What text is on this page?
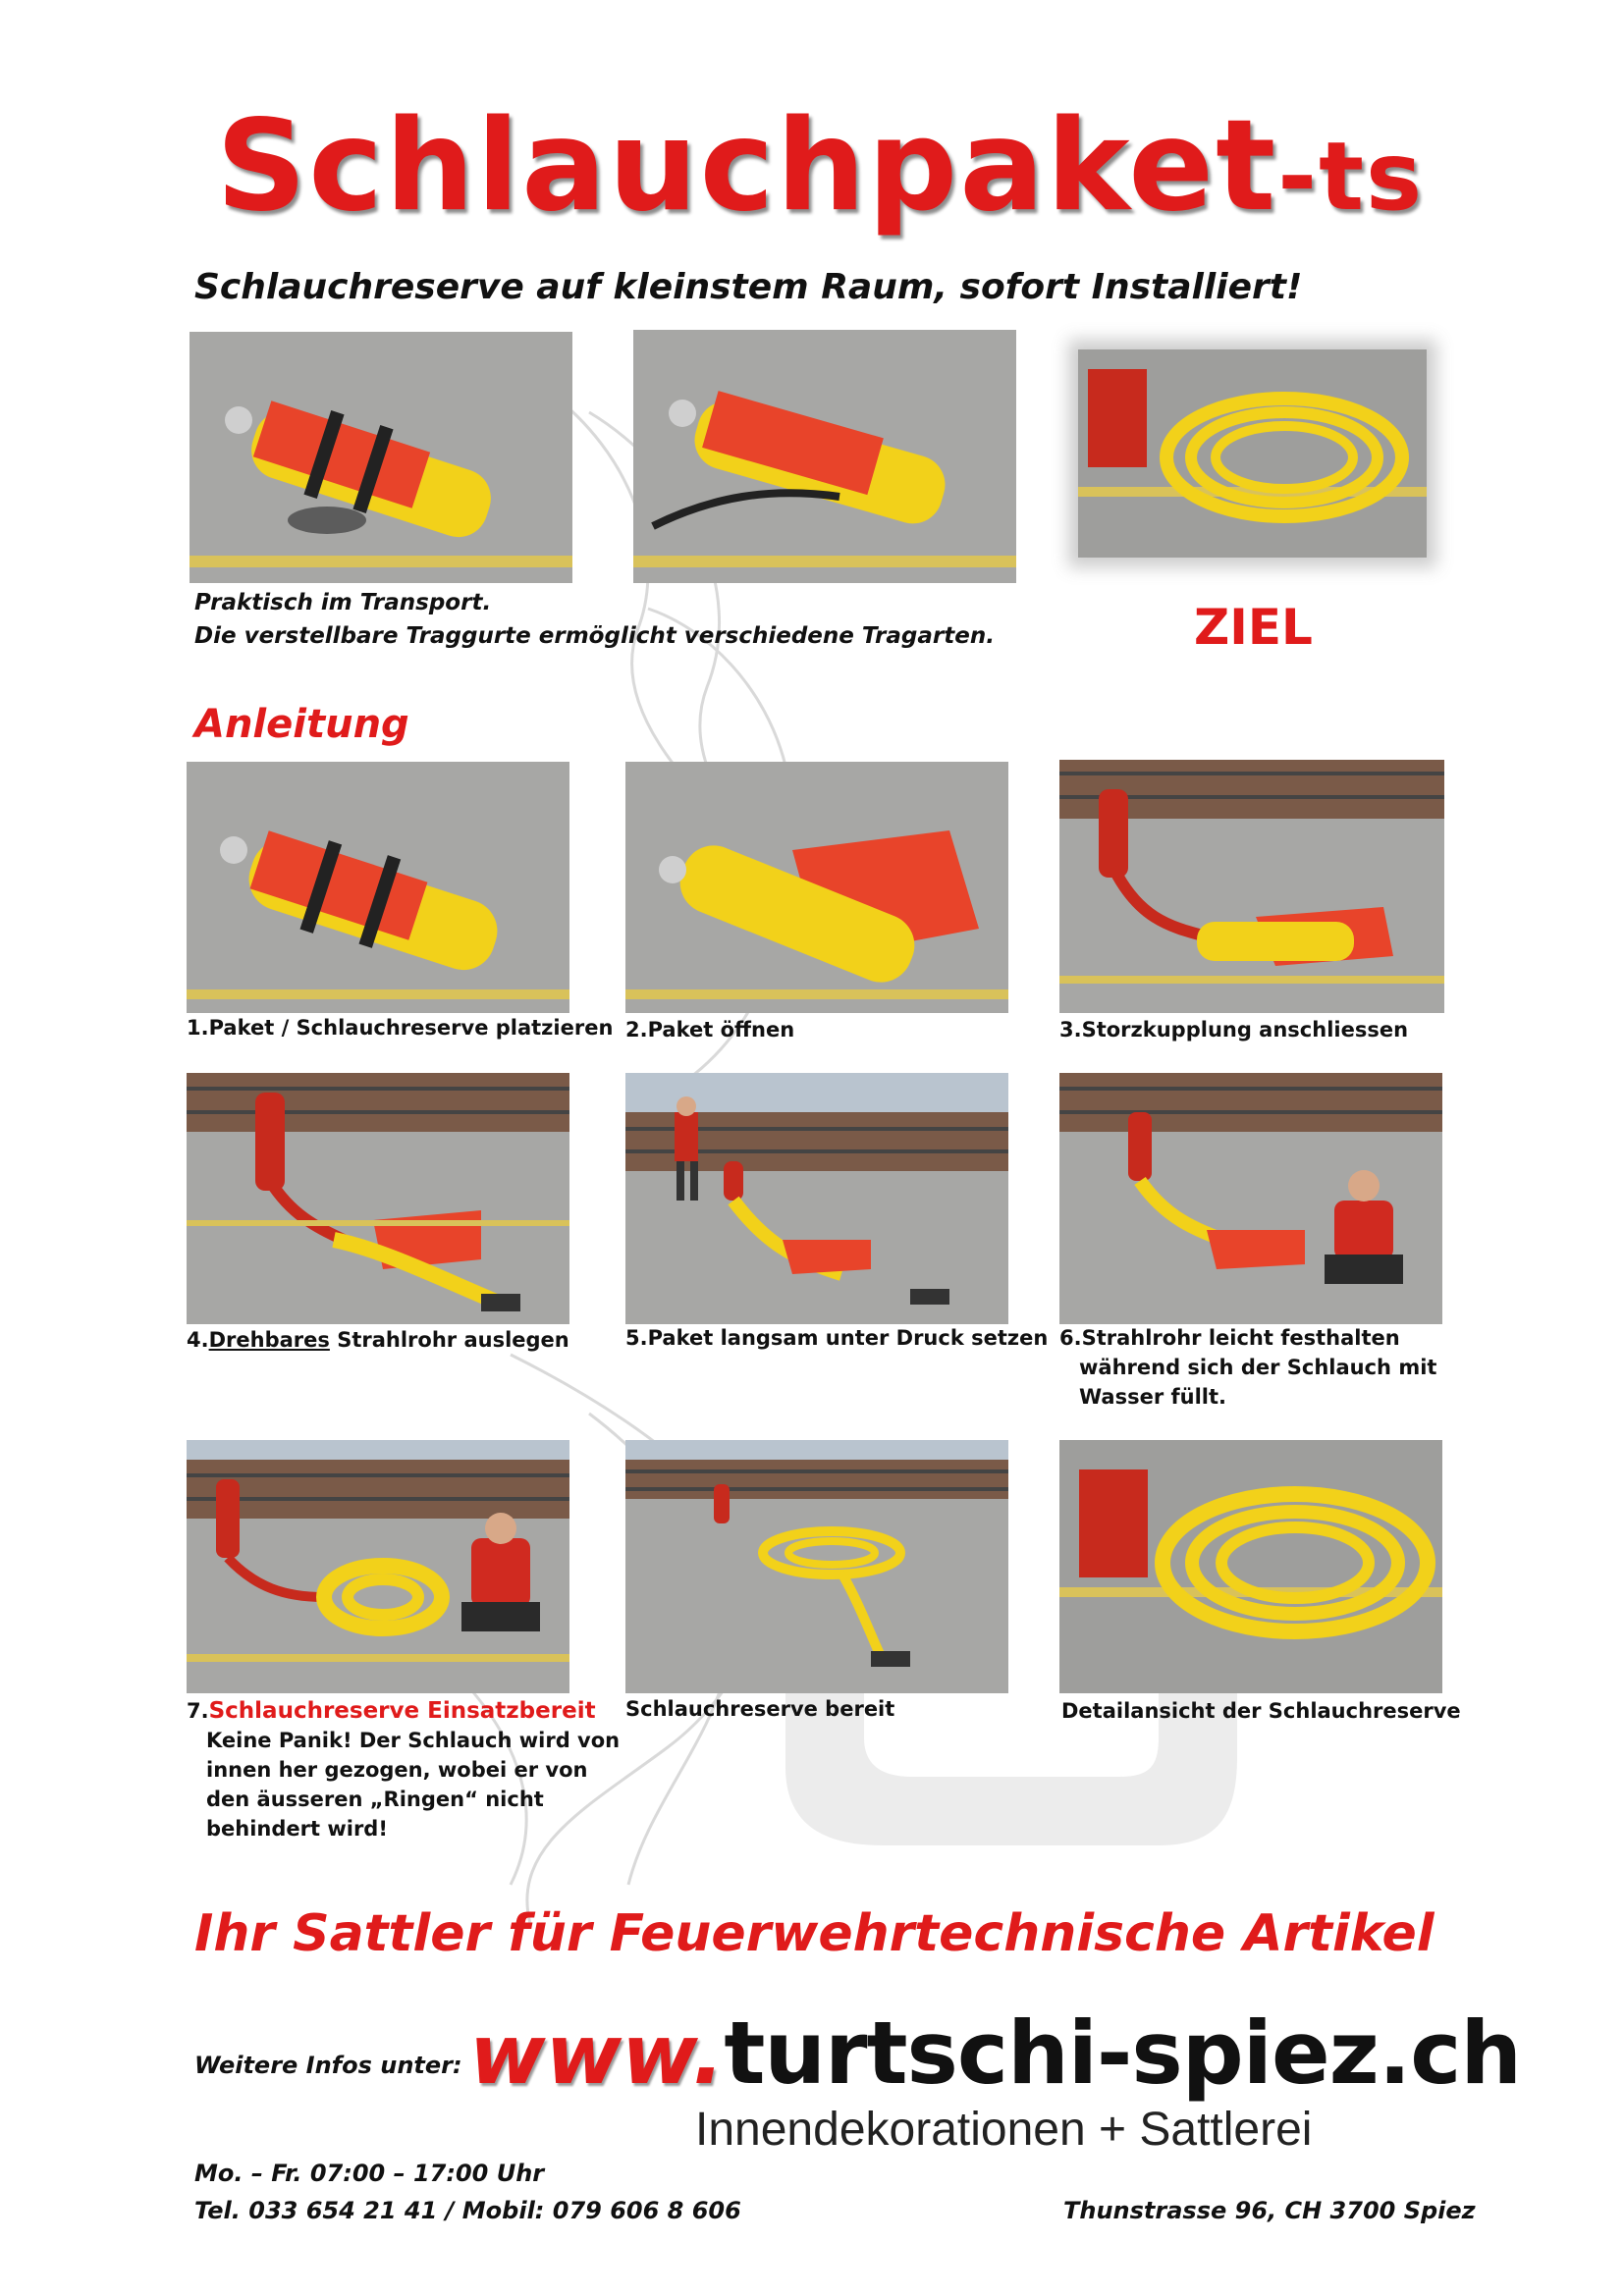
Schlauchpaket-ts
Schlauchreserve auf kleinstem Raum, sofort Installiert!
Praktisch im Transport.
Die verstellbare Traggurte ermöglicht verschiedene Tragarten.	ZIEL
Anleitung
1.Paket / Schlauchreserve platzieren 2.Paket öffnen	3.Storzkupplung anschliessen
4.Drehbares Strahlrohr auslegen	5.Paket langsam unter Druck setzen 6.Strahlrohr leicht festhalten
während sich der Schlauch mit
Wasser füllt.
7.Schlauchreserve Einsatzbereit
Keine Panik! Der Schlauch wird von
innen her gezogen, wobei er von
den äusseren „Ringen“ nicht
behindert wird!
Schlauchreserve bereit	Detailansicht der Schlauchreserve
Ihr Sattler für Feuerwehrtechnische Artikel
Weitere Infos unter: www.turtschi-spiez.ch
Innendekorationen + Sattlerei
Mo. – Fr. 07:00 – 17:00 Uhr
Tel. 033 654 21 41 / Mobil: 079 606 8 606	Thunstrasse 96, CH 3700 Spiez
